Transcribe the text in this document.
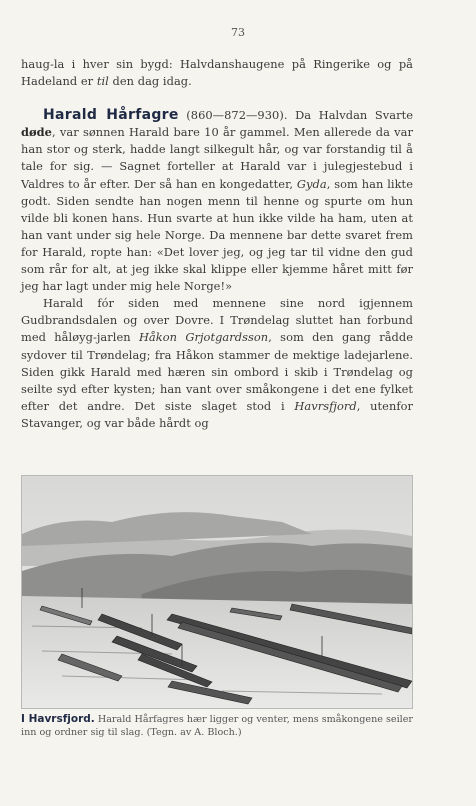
73

haug-la i hver sin bygd: Halvdanshaugene på Ringerike og på Hadeland er til den dag idag.

Harald Hårfagre (860—872—930). Da Halvdan Svarte døde, var sønnen Harald bare 10 år gammel. Men allerede da var han stor og sterk, hadde langt silkegult hår, og var forstandig til å tale for sig. — Sagnet forteller at Harald var i julegjestebud i Valdres to år efter. Der så han en kongedatter, Gyda, som han likte godt. Siden sendte han nogen menn til henne og spurte om hun vilde bli konen hans. Hun svarte at hun ikke vilde ha ham, uten at han vant under sig hele Norge. Da mennene bar dette svaret frem for Harald, ropte han: «Det lover jeg, og jeg tar til vidne den gud som rår for alt, at jeg ikke skal klippe eller kjemme håret mitt før jeg har lagt under mig hele Norge!»

Harald fór siden med mennene sine nord igjennem Gudbrandsdalen og over Dovre. I Trøndelag sluttet han forbund med håløyg-jarlen Håkon Grjotgardsson, som den gang rådde sydover til Trøndelag; fra Håkon stammer de mektige ladejarlene. Siden gikk Harald med hæren sin ombord i skib i Trøndelag og seilte syd efter kysten; han vant over småkongene i det ene fylket efter det andre. Det siste slaget stod i Havrsfjord, utenfor Stavanger, og var både hårdt og

I Havrsfjord. Harald Hårfagres hær ligger og venter, mens småkongene seiler inn og ordner sig til slag. (Tegn. av A. Bloch.)
